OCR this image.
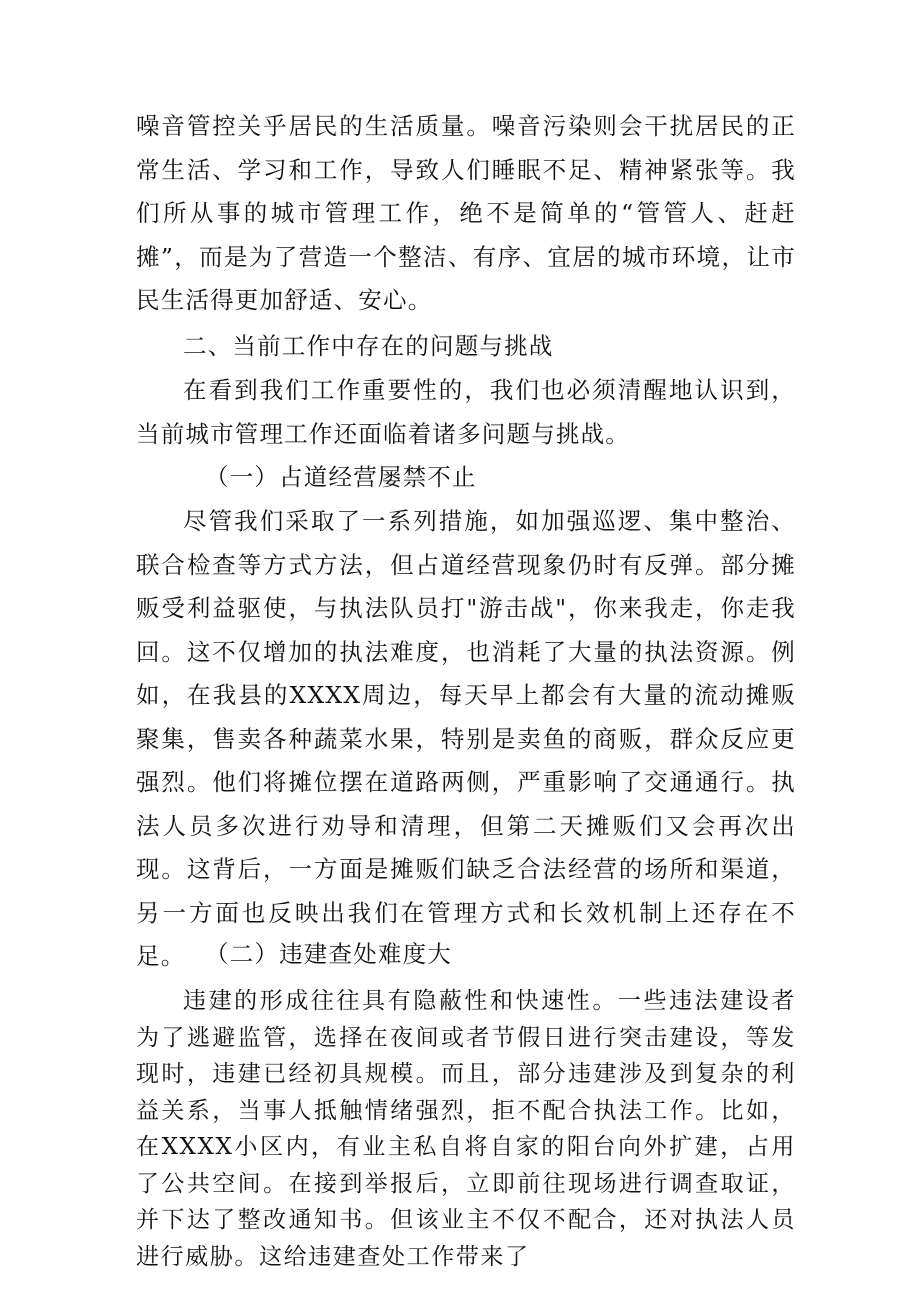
噪音管控关乎居民的生活质量。噪音污染则会干扰居民的正常生活、学习和工作，导致人们睡眠不足、精神紧张等。我们所从事的城市管理工作，绝不是简单的“管管人、赶赶摊”，而是为了营造一个整洁、有序、宜居的城市环境，让市民生活得更加舒适、安心。

二、当前工作中存在的问题与挑战

在看到我们工作重要性的，我们也必须清醒地认识到，当前城市管理工作还面临着诸多问题与挑战。

（一）占道经营屡禁不止

尽管我们采取了一系列措施，如加强巡逻、集中整治、联合检查等方式方法，但占道经营现象仍时有反弹。部分摊贩受利益驱使，与执法队员打"游击战"，你来我走，你走我回。这不仅增加的执法难度，也消耗了大量的执法资源。例如，在我县的XXXX周边，每天早上都会有大量的流动摊贩聚集，售卖各种蔬菜水果，特别是卖鱼的商贩，群众反应更强烈。他们将摊位摆在道路两侧，严重影响了交通通行。执法人员多次进行劝导和清理，但第二天摊贩们又会再次出现。这背后，一方面是摊贩们缺乏合法经营的场所和渠道，另一方面也反映出我们在管理方式和长效机制上还存在不足。 （二）违建查处难度大

违建的形成往往具有隐蔽性和快速性。一些违法建设者为了逃避监管，选择在夜间或者节假日进行突击建设，等发现时，违建已经初具规模。而且，部分违建涉及到复杂的利益关系，当事人抵触情绪强烈，拒不配合执法工作。比如，在XXXX小区内，有业主私自将自家的阳台向外扩建，占用了公共空间。在接到举报后，立即前往现场进行调查取证，并下达了整改通知书。但该业主不仅不配合，还对执法人员进行威胁。这给违建查处工作带来了
